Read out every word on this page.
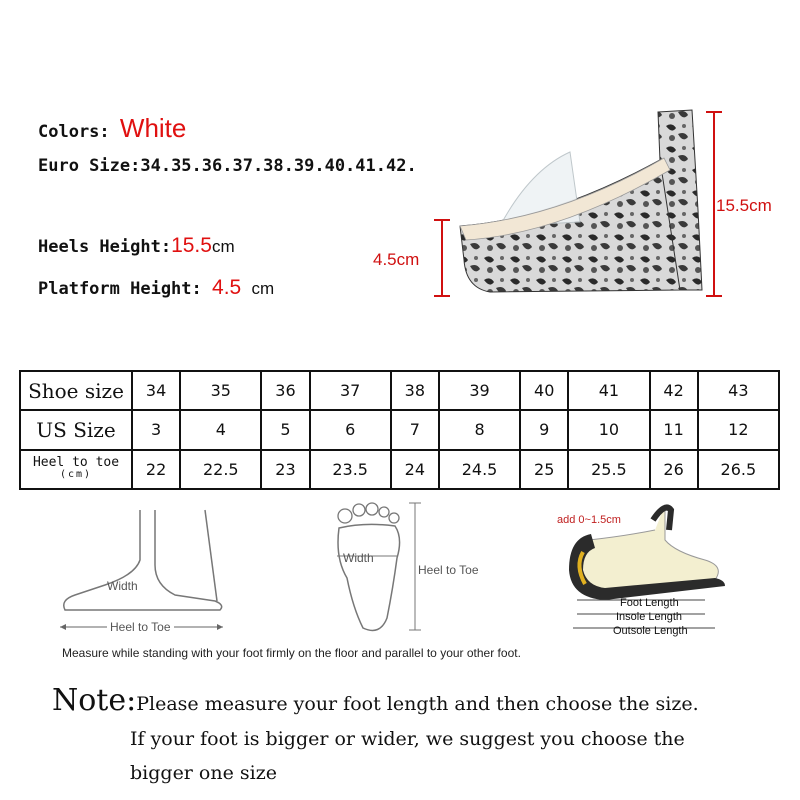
Colors: White
Euro Size:34.35.36.37.38.39.40.41.42.
Heels Height:15.5cm
Platform Height: 4.5 cm
15.5cm
4.5cm
Shoe size	34	35	36	37	38	39	40	41	42	43
US Size	3	4	5	6	7	8	9	10	11	12

Heel to toe
(cm)	22	22.5	23	23.5	24	24.5	25	25.5	26	26.5
Width
Heel to Toe
Width
Heel to Toe
add 0~1.5cm
Foot Length
Insole Length
Outsole Length
Measure while standing with your foot firmly on the floor and parallel to your other foot.
Note:Please measure your foot length and then choose the size.
If your foot is bigger or wider, we suggest you choose the
bigger one size
